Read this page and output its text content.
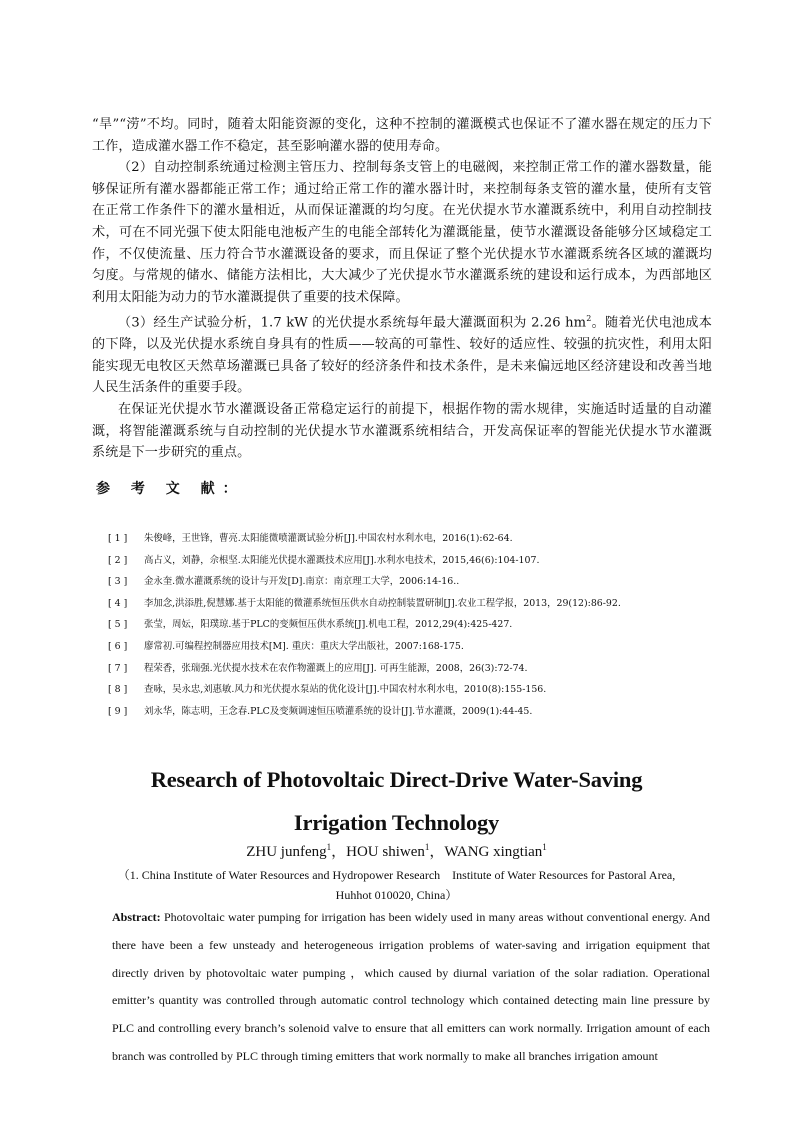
“旱”“涝”不均。同时，随着太阳能资源的变化，这种不控制的灌溉模式也保证不了灌水器在规定的压力下工作，造成灌水器工作不稳定，甚至影响灌水器的使用寿命。

（2）自动控制系统通过检测主管压力、控制每条支管上的电磁阀，来控制正常工作的灌水器数量，能够保证所有灌水器都能正常工作；通过给正常工作的灌水器计时，来控制每条支管的灌水量，使所有支管在正常工作条件下的灌水量相近，从而保证灌溉的均匀度。在光伏提水节水灌溉系统中，利用自动控制技术，可在不同光强下使太阳能电池板产生的电能全部转化为灌溉能量，使节水灌溉设备能够分区域稳定工作，不仅使流量、压力符合节水灌溉设备的要求，而且保证了整个光伏提水节水灌溉系统各区域的灌溉均匀度。与常规的储水、储能方法相比，大大减少了光伏提水节水灌溉系统的建设和运行成本，为西部地区利用太阳能为动力的节水灌溉提供了重要的技术保障。

（3）经生产试验分析，1.7 kW 的光伏提水系统每年最大灌溉面积为 2.26 $hm^2$。随着光伏电池成本的下降，以及光伏提水系统自身具有的性质——较高的可靠性、较好的适应性、较强的抗灾性，利用太阳能实现无电牧区天然草场灌溉已具备了较好的经济条件和技术条件，是未来偏远地区经济建设和改善当地人民生活条件的重要手段。

在保证光伏提水节水灌溉设备正常稳定运行的前提下，根据作物的需水规律，实施适时适量的自动灌溉，将智能灌溉系统与自动控制的光伏提水节水灌溉系统相结合，开发高保证率的智能光伏提水节水灌溉系统是下一步研究的重点。

参 考 文 献：
[ 1 ]	朱俊峰，王世锋，曹亮.太阳能微喷灌溉试验分析[J].中国农村水利水电，2016(1):62-64.
[ 2 ]	高占义，刘静，佘根坚.太阳能光伏提水灌溉技术应用[J].水利水电技术，2015,46(6):104-107.
[ 3 ]	金永奎.微水灌溉系统的设计与开发[D].南京：南京理工大学，2006:14-16..
[ 4 ]	李加念,洪添胜,倪慧娜.基于太阳能的微灌系统恒压供水自动控制装置研制[J].农业工程学报，2013，29(12):86-92.
[ 5 ]	张莹，周妘，阳璞琼.基于PLC的变频恒压供水系统[J].机电工程，2012,29(4):425-427.
[ 6 ]	廖常初.可编程控制器应用技术[M]. 重庆：重庆大学出版社，2007:168-175.
[ 7 ]	程荣香，张瑞强.光伏提水技术在农作物灌溉上的应用[J]. 可再生能源，2008，26(3):72-74.
[ 8 ]	查咏，吴永忠,刘惠敏.风力和光伏提水泵站的优化设计[J].中国农村水利水电，2010(8):155-156.
[ 9 ]	刘永华，陈志明，王念春.PLC及变频调速恒压喷灌系统的设计[J].节水灌溉，2009(1):44-45.
Research of Photovoltaic Direct-Drive Water-Saving
Irrigation Technology
ZHU junfeng$^1$，HOU shiwen$^1$，WANG xingtian$^1$
（1. China Institute of Water Resources and Hydropower Research　Institute of Water Resources for Pastoral Area,
Huhhot 010020, China）
Abstract: Photovoltaic water pumping for irrigation has been widely used in many areas without conventional energy. And there have been a few unsteady and heterogeneous irrigation problems of water-saving and irrigation equipment that directly driven by photovoltaic water pumping ，which caused by diurnal variation of the solar radiation. Operational emitter’s quantity was controlled through automatic control technology which contained detecting main line pressure by PLC and controlling every branch’s solenoid valve to ensure that all emitters can work normally. Irrigation amount of each branch was controlled by PLC through timing emitters that work normally to make all branches irrigation amount
